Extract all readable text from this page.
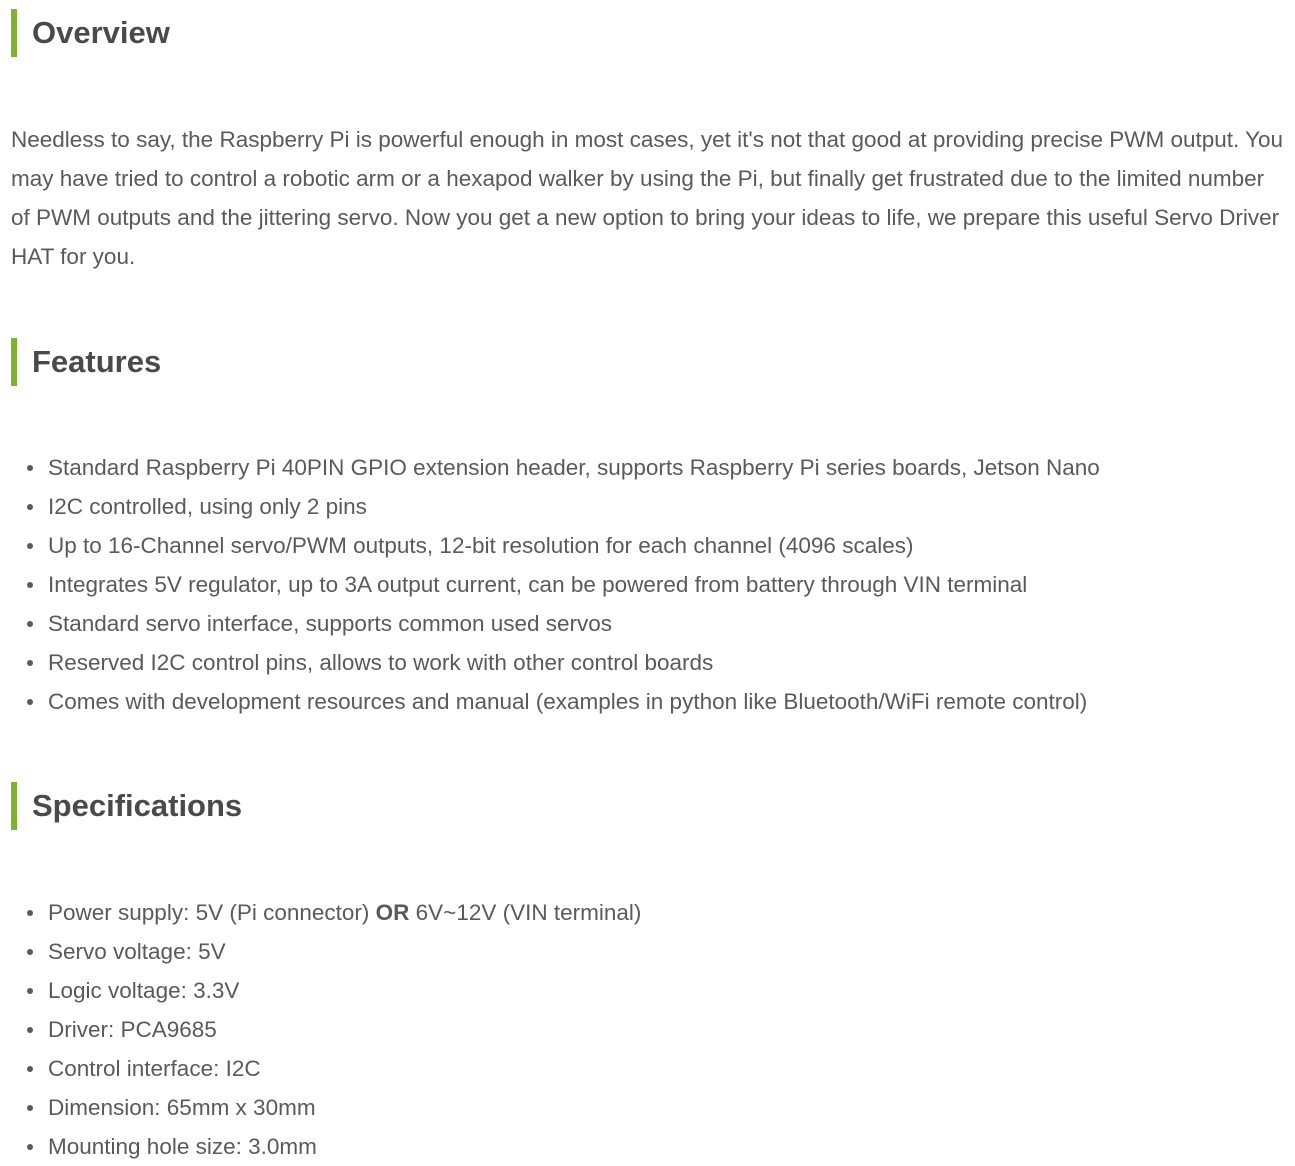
Overview

Needless to say, the Raspberry Pi is powerful enough in most cases, yet it's not that good at providing precise PWM output. You may have tried to control a robotic arm or a hexapod walker by using the Pi, but finally get frustrated due to the limited number of PWM outputs and the jittering servo. Now you get a new option to bring your ideas to life, we prepare this useful Servo Driver HAT for you.

Features
Standard Raspberry Pi 40PIN GPIO extension header, supports Raspberry Pi series boards, Jetson Nano
I2C controlled, using only 2 pins
Up to 16-Channel servo/PWM outputs, 12-bit resolution for each channel (4096 scales)
Integrates 5V regulator, up to 3A output current, can be powered from battery through VIN terminal
Standard servo interface, supports common used servos
Reserved I2C control pins, allows to work with other control boards
Comes with development resources and manual (examples in python like Bluetooth/WiFi remote control)
Specifications
Power supply: 5V (Pi connector) OR 6V~12V (VIN terminal)
Servo voltage: 5V
Logic voltage: 3.3V
Driver: PCA9685
Control interface: I2C
Dimension: 65mm x 30mm
Mounting hole size: 3.0mm
